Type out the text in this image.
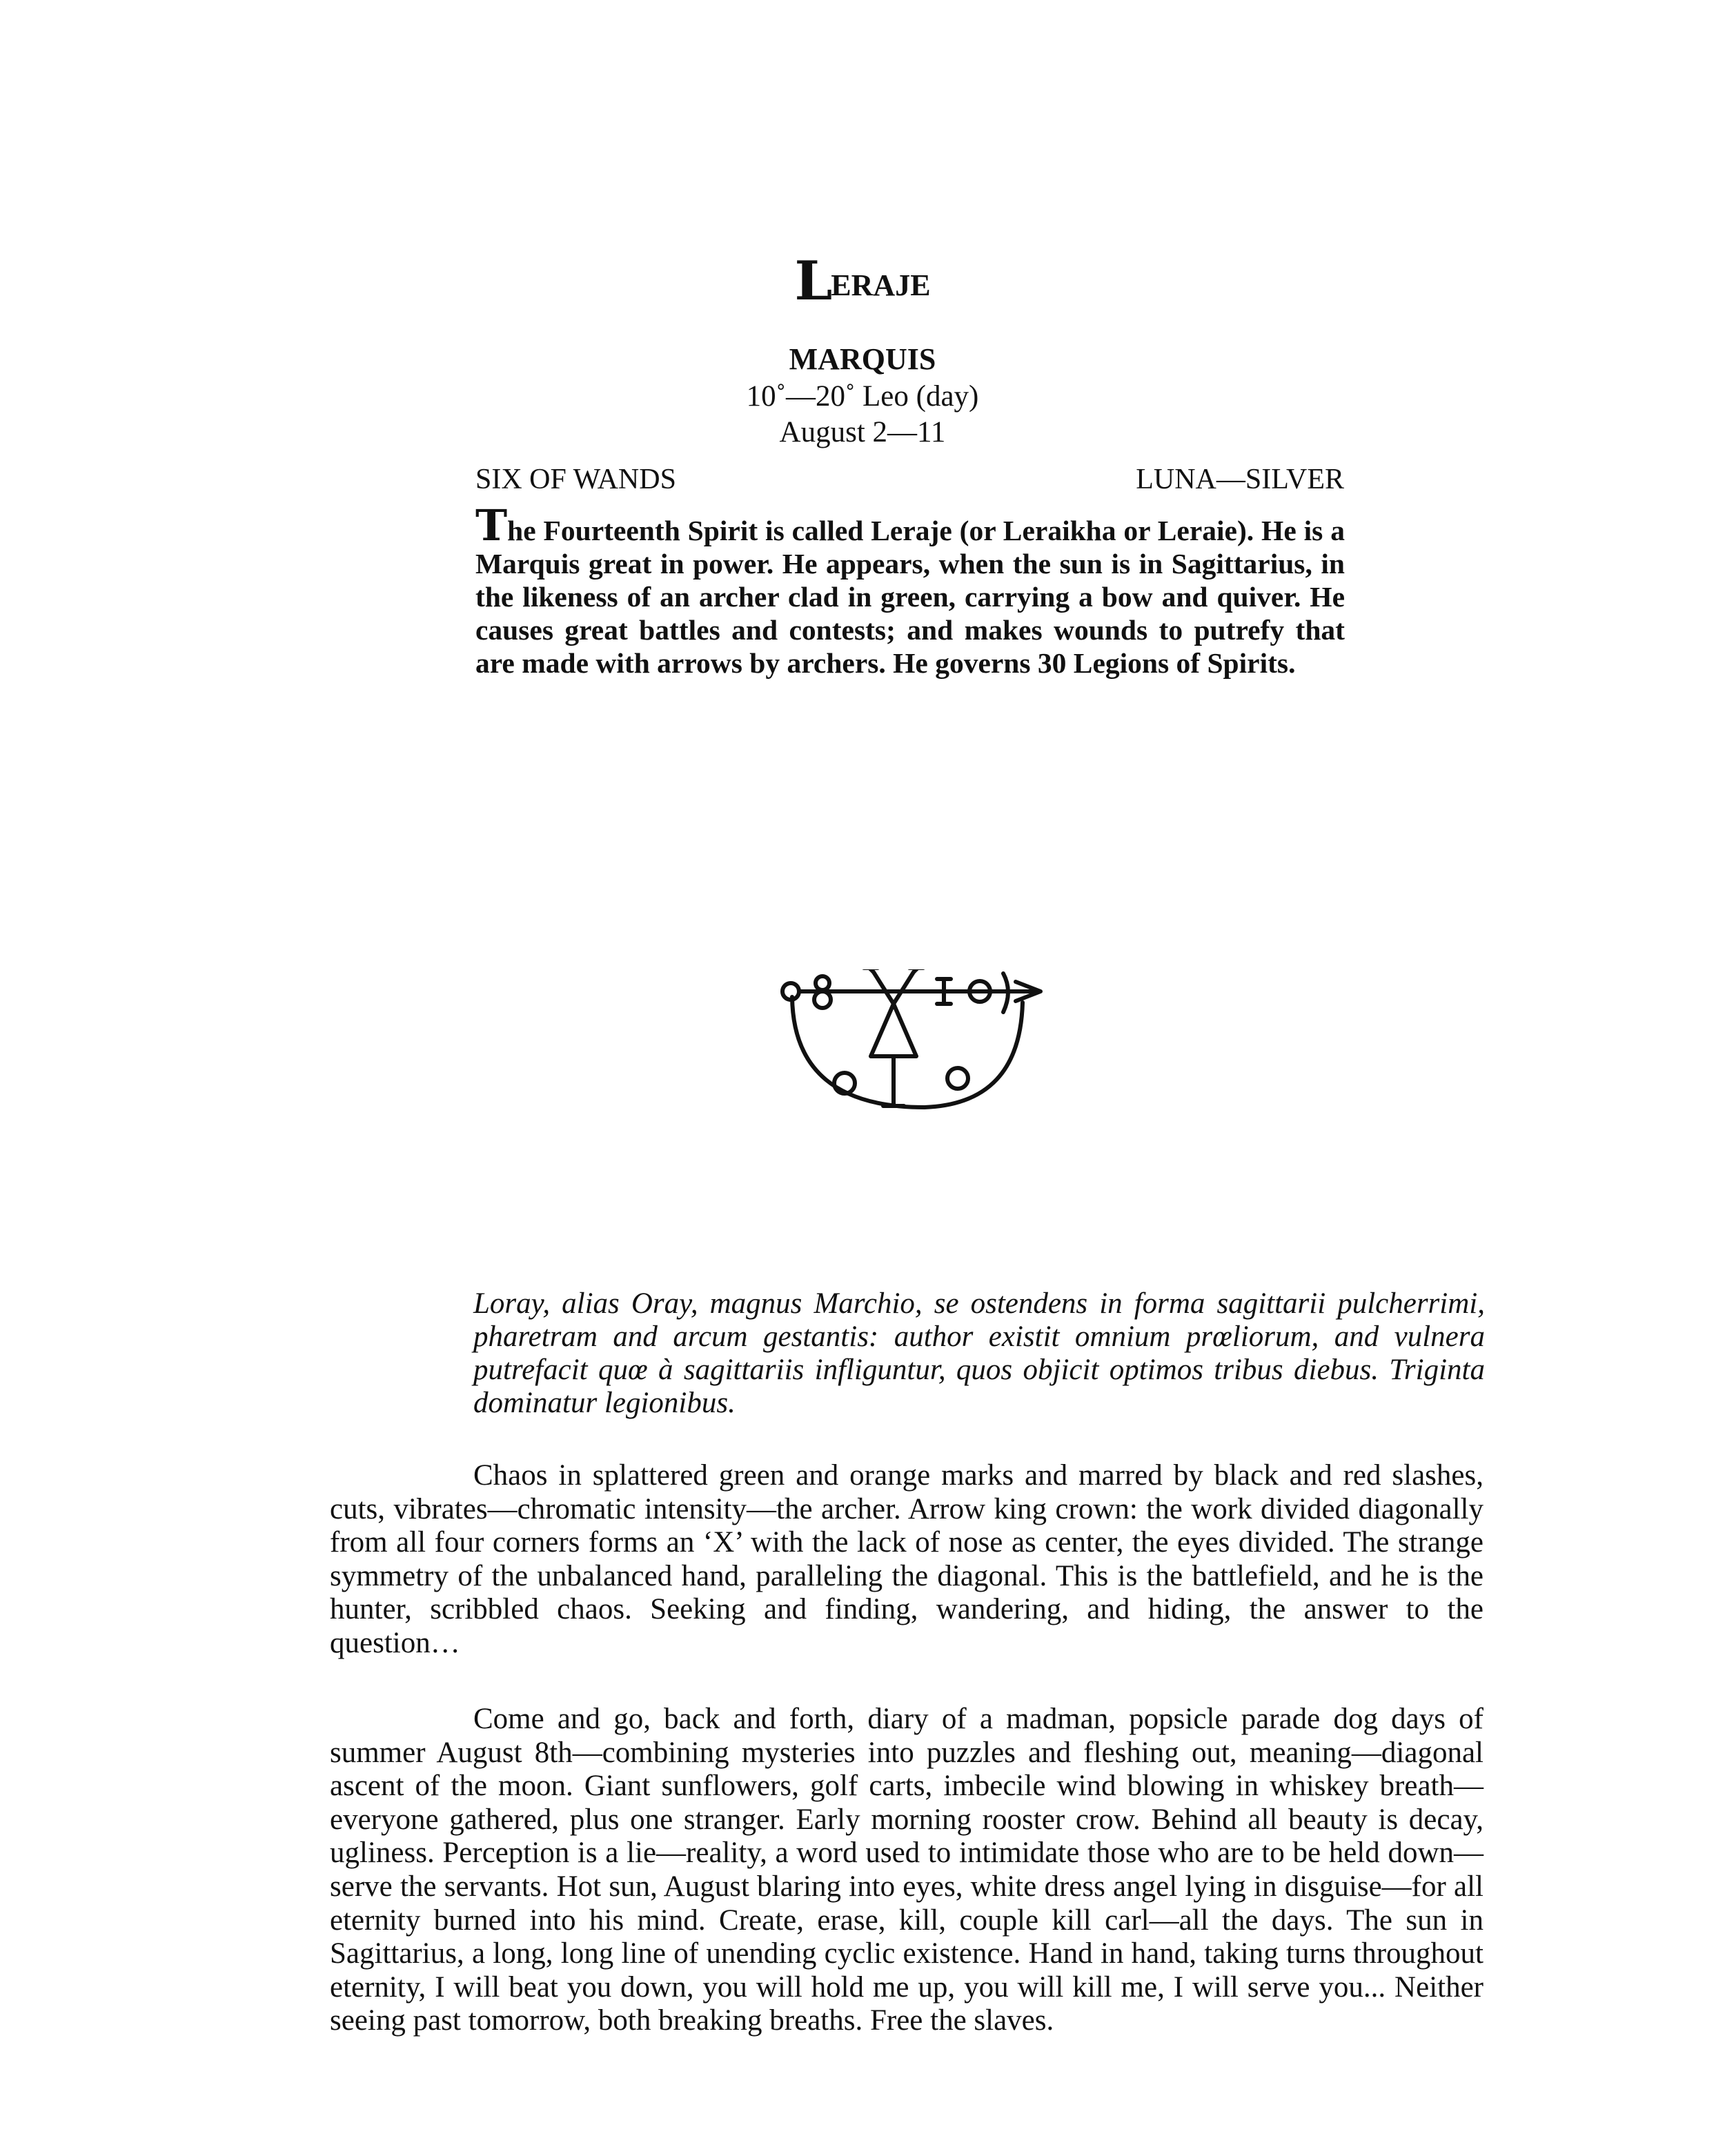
LERAJE
MARQUIS
10˚—20˚ Leo (day)
August 2—11
SIX OF WANDS	LUNA—SILVER
The Fourteenth Spirit is called Leraje (or Leraikha or Leraie). He is a Marquis great in power. He appears, when the sun is in Sagittarius, in the likeness of an archer clad in green, carrying a bow and quiver. He causes great battles and contests; and makes wounds to putrefy that are made with arrows by archers. He governs 30 Legions of Spirits.
Loray, alias Oray, magnus Marchio, se ostendens in forma sagittarii pulcherrimi, pharetram and arcum gestantis: author existit omnium prœliorum, and vulnera putrefacit quœ à sagittariis infliguntur, quos objicit optimos tribus diebus. Triginta dominatur legionibus.

Chaos in splattered green and orange marks and marred by black and red slashes, cuts, vibrates—chromatic intensity—the archer. Arrow king crown: the work divided diagonally from all four corners forms an ‘X’ with the lack of nose as center, the eyes divided. The strange symmetry of the unbalanced hand, paralleling the diagonal. This is the battlefield, and he is the hunter, scribbled chaos. Seeking and finding, wandering, and hiding, the answer to the question…

Come and go, back and forth, diary of a madman, popsicle parade dog days of summer August 8th—combining mysteries into puzzles and fleshing out, meaning—diagonal ascent of the moon. Giant sunflowers, golf carts, imbecile wind blowing in whiskey breath—everyone gathered, plus one stranger. Early morning rooster crow. Behind all beauty is decay, ugliness. Perception is a lie—reality, a word used to intimidate those who are to be held down—serve the servants. Hot sun, August blaring into eyes, white dress angel lying in disguise—for all eternity burned into his mind. Create, erase, kill, couple kill carl—all the days. The sun in Sagittarius, a long, long line of unending cyclic existence. Hand in hand, taking turns throughout eternity, I will beat you down, you will hold me up, you will kill me, I will serve you... Neither seeing past tomorrow, both breaking breaths. Free the slaves.
